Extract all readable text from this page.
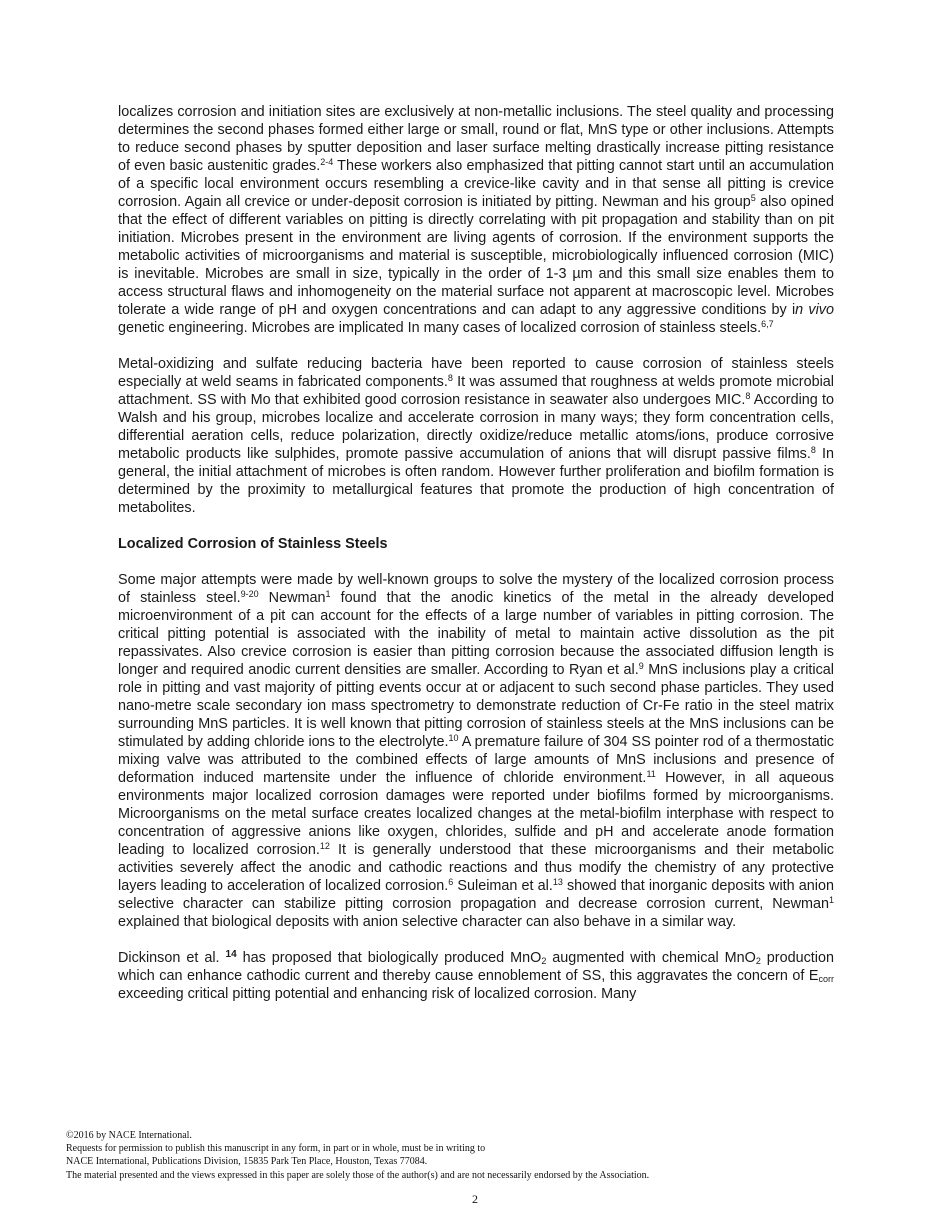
localizes corrosion and initiation sites are exclusively at non-metallic inclusions. The steel quality and processing determines the second phases formed either large or small, round or flat, MnS type or other inclusions. Attempts to reduce second phases by sputter deposition and laser surface melting drastically increase pitting resistance of even basic austenitic grades.$^{2-4}$ These workers also emphasized that pitting cannot start until an accumulation of a specific local environment occurs resembling a crevice-like cavity and in that sense all pitting is crevice corrosion. Again all crevice or under-deposit corrosion is initiated by pitting. Newman and his group$^5$ also opined that the effect of different variables on pitting is directly correlating with pit propagation and stability than on pit initiation. Microbes present in the environment are living agents of corrosion. If the environment supports the metabolic activities of microorganisms and material is susceptible, microbiologically influenced corrosion (MIC) is inevitable. Microbes are small in size, typically in the order of 1-3 µm and this small size enables them to access structural flaws and inhomogeneity on the material surface not apparent at macroscopic level. Microbes tolerate a wide range of pH and oxygen concentrations and can adapt to any aggressive conditions by in vivo genetic engineering. Microbes are implicated In many cases of localized corrosion of stainless steels.$^{6,7}$

Metal-oxidizing and sulfate reducing bacteria have been reported to cause corrosion of stainless steels especially at weld seams in fabricated components.$^8$ It was assumed that roughness at welds promote microbial attachment. SS with Mo that exhibited good corrosion resistance in seawater also undergoes MIC.$^8$ According to Walsh and his group, microbes localize and accelerate corrosion in many ways; they form concentration cells, differential aeration cells, reduce polarization, directly oxidize/reduce metallic atoms/ions, produce corrosive metabolic products like sulphides, promote passive accumulation of anions that will disrupt passive films.$^8$ In general, the initial attachment of microbes is often random. However further proliferation and biofilm formation is determined by the proximity to metallurgical features that promote the production of high concentration of metabolites.

Localized Corrosion of Stainless Steels

Some major attempts were made by well-known groups to solve the mystery of the localized corrosion process of stainless steel.$^{9-20}$ Newman$^1$ found that the anodic kinetics of the metal in the already developed microenvironment of a pit can account for the effects of a large number of variables in pitting corrosion. The critical pitting potential is associated with the inability of metal to maintain active dissolution as the pit repassivates. Also crevice corrosion is easier than pitting corrosion because the associated diffusion length is longer and required anodic current densities are smaller. According to Ryan et al.$^9$ MnS inclusions play a critical role in pitting and vast majority of pitting events occur at or adjacent to such second phase particles. They used nano-metre scale secondary ion mass spectrometry to demonstrate reduction of Cr-Fe ratio in the steel matrix surrounding MnS particles. It is well known that pitting corrosion of stainless steels at the MnS inclusions can be stimulated by adding chloride ions to the electrolyte.$^{10}$ A premature failure of 304 SS pointer rod of a thermostatic mixing valve was attributed to the combined effects of large amounts of MnS inclusions and presence of deformation induced martensite under the influence of chloride environment.$^{11}$ However, in all aqueous environments major localized corrosion damages were reported under biofilms formed by microorganisms. Microorganisms on the metal surface creates localized changes at the metal-biofilm interphase with respect to concentration of aggressive anions like oxygen, chlorides, sulfide and pH and accelerate anode formation leading to localized corrosion.$^{12}$ It is generally understood that these microorganisms and their metabolic activities severely affect the anodic and cathodic reactions and thus modify the chemistry of any protective layers leading to acceleration of localized corrosion.$^6$ Suleiman et al.$^{13}$ showed that inorganic deposits with anion selective character can stabilize pitting corrosion propagation and decrease corrosion current, Newman$^1$ explained that biological deposits with anion selective character can also behave in a similar way.

Dickinson et al. $^{14}$ has proposed that biologically produced MnO$_2$ augmented with chemical MnO$_2$ production which can enhance cathodic current and thereby cause ennoblement of SS, this aggravates the concern of $E_{corr}$ exceeding critical pitting potential and enhancing risk of localized corrosion. Many

©2016 by NACE International.
Requests for permission to publish this manuscript in any form, in part or in whole, must be in writing to
NACE International, Publications Division, 15835 Park Ten Place, Houston, Texas 77084.
The material presented and the views expressed in this paper are solely those of the author(s) and are not necessarily endorsed by the Association.
2
